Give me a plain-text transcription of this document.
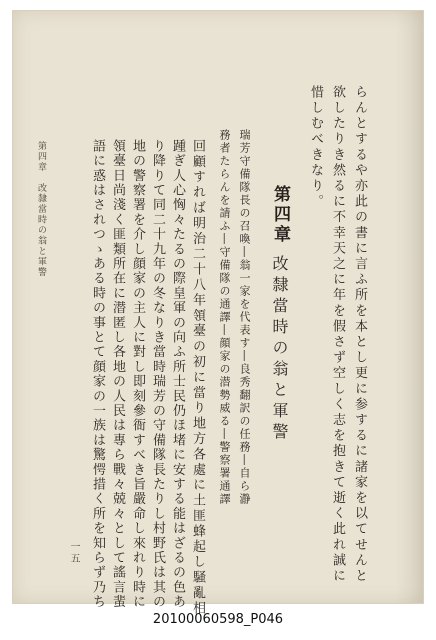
らんとするや亦此の書に言ふ所を本とし更に参するに諸家を以てせんと
欲したりき然るに不幸天之に年を假さず空しく志を抱きて逝く此れ誠に
惜しむべきなり。
第四章
改隸當時の翁と軍警
瑞芳守備隊長の召喚―翁一家を代表す―良秀翻訳の任務―自ら瀞
務者たらんを請ふ―守備隊の通譯―顔家の潜勢威る―警察署通譯
回顧すれば明治二十八年領臺の初に當り地方各處に土匪蜂起し騒亂相
踵ぎ人心恟々たるの際皇軍の向ふ所士民仍ほ堵に安する能はざるの色あ
り降りて同二十九年の冬なりき當時瑞芳の守備隊長たりし村野氏は其の
地の警察署を介し顔家の主人に對し即刻參衙すべき旨嚴命し來れり時に
領臺日尚淺く匪類所在に潜匿し各地の人民は專ら戰々兢々として謠言蜚
語に惑はされつゝある時の事とて顔家の一族は驚愕措く所を知らず乃ち
第四章　改隸當時の翁と軍警
一五
20100060598_P046
